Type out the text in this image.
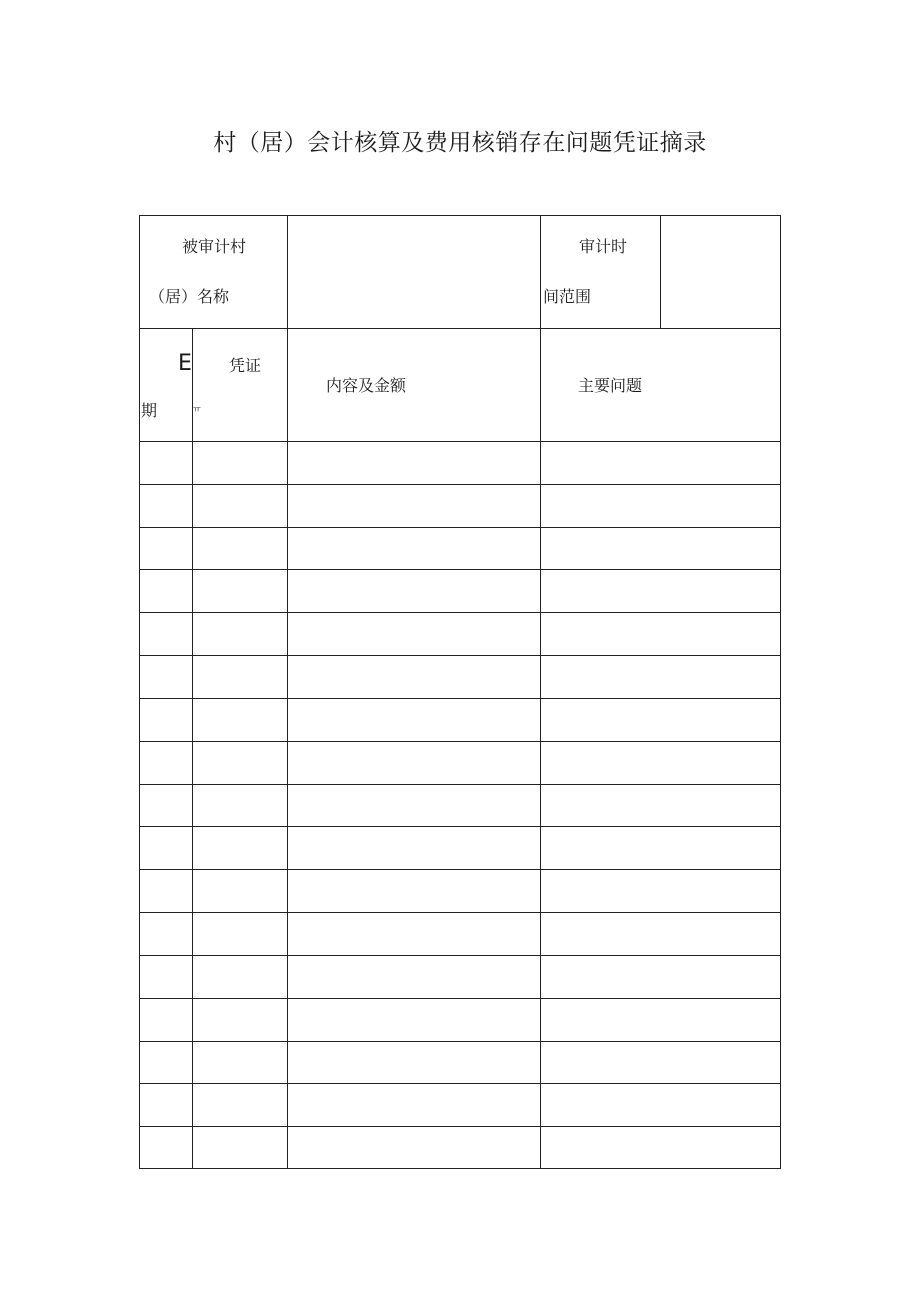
村（居）会计核算及费用核销存在问题凭证摘录
被审计村
（居）名称
审计时
间范围
E
期
凭证
ㅠ
内容及金额	主要问题
